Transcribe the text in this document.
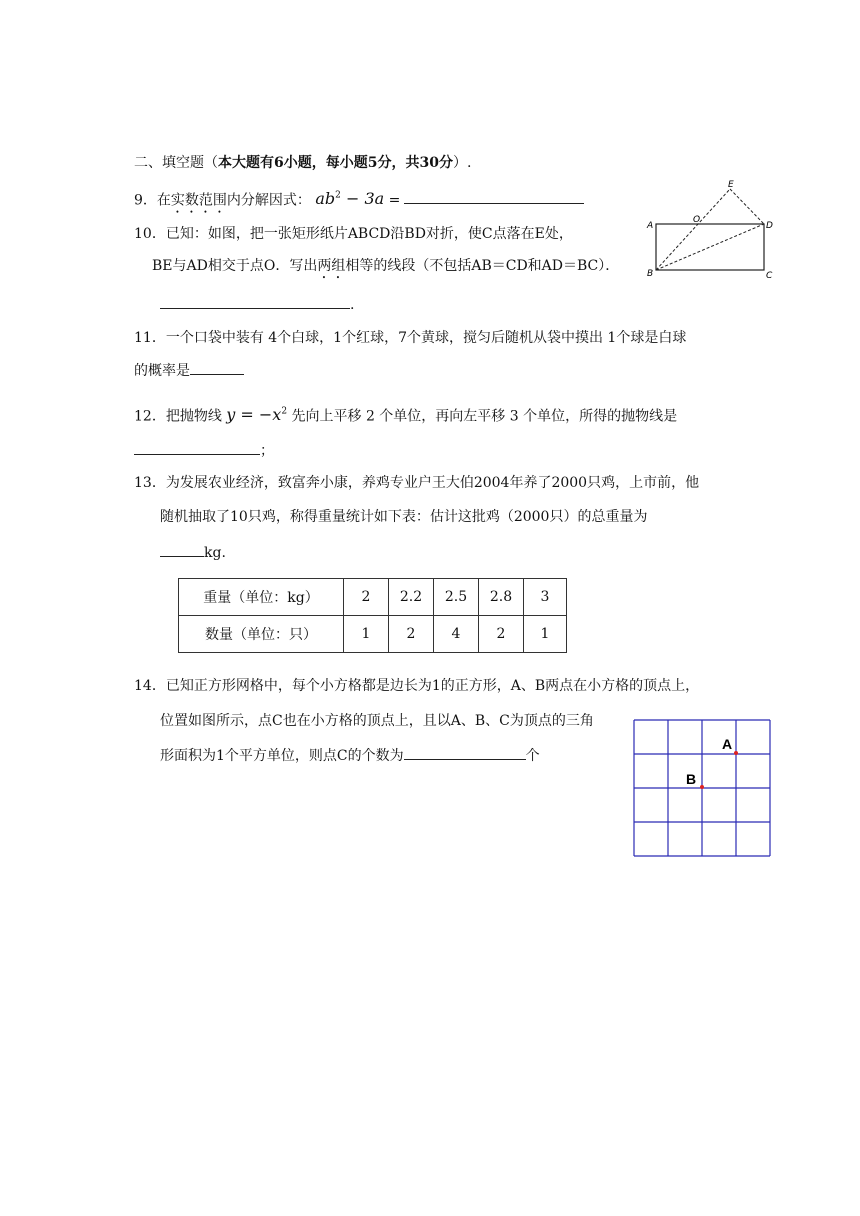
二、填空题（本大题有6小题，每小题5分，共30分）.
9．在实数范围内分解因式： $ab^2 - 3a$ =
10．已知：如图，把一张矩形纸片ABCD沿BD对折，使C点落在E处，
BE与AD相交于点O．写出两组相等的线段（不包括AB＝CD和AD＝BC）．
.
A
B	C
D
E
O
11．一个口袋中装有 4个白球，1个红球，7个黄球，搅匀后随机从袋中摸出 1个球是白球
的概率是
12．把抛物线 $y = -x^2$ 先向上平移 2 个单位，再向左平移 3 个单位，所得的抛物线是
；
13．为发展农业经济，致富奔小康，养鸡专业户王大伯2004年养了2000只鸡，上市前，他
随机抽取了10只鸡，称得重量统计如下表：估计这批鸡（2000只）的总重量为
kg.
重量（单位：kg）	2	2.2	2.5	2.8	3
数量（单位：只）	1	2	4	2	1
14．已知正方形网格中，每个小方格都是边长为1的正方形，A、B两点在小方格的顶点上，
位置如图所示，点C也在小方格的顶点上，且以A、B、C为顶点的三角
形面积为1个平方单位，则点C的个数为	个
A
B
